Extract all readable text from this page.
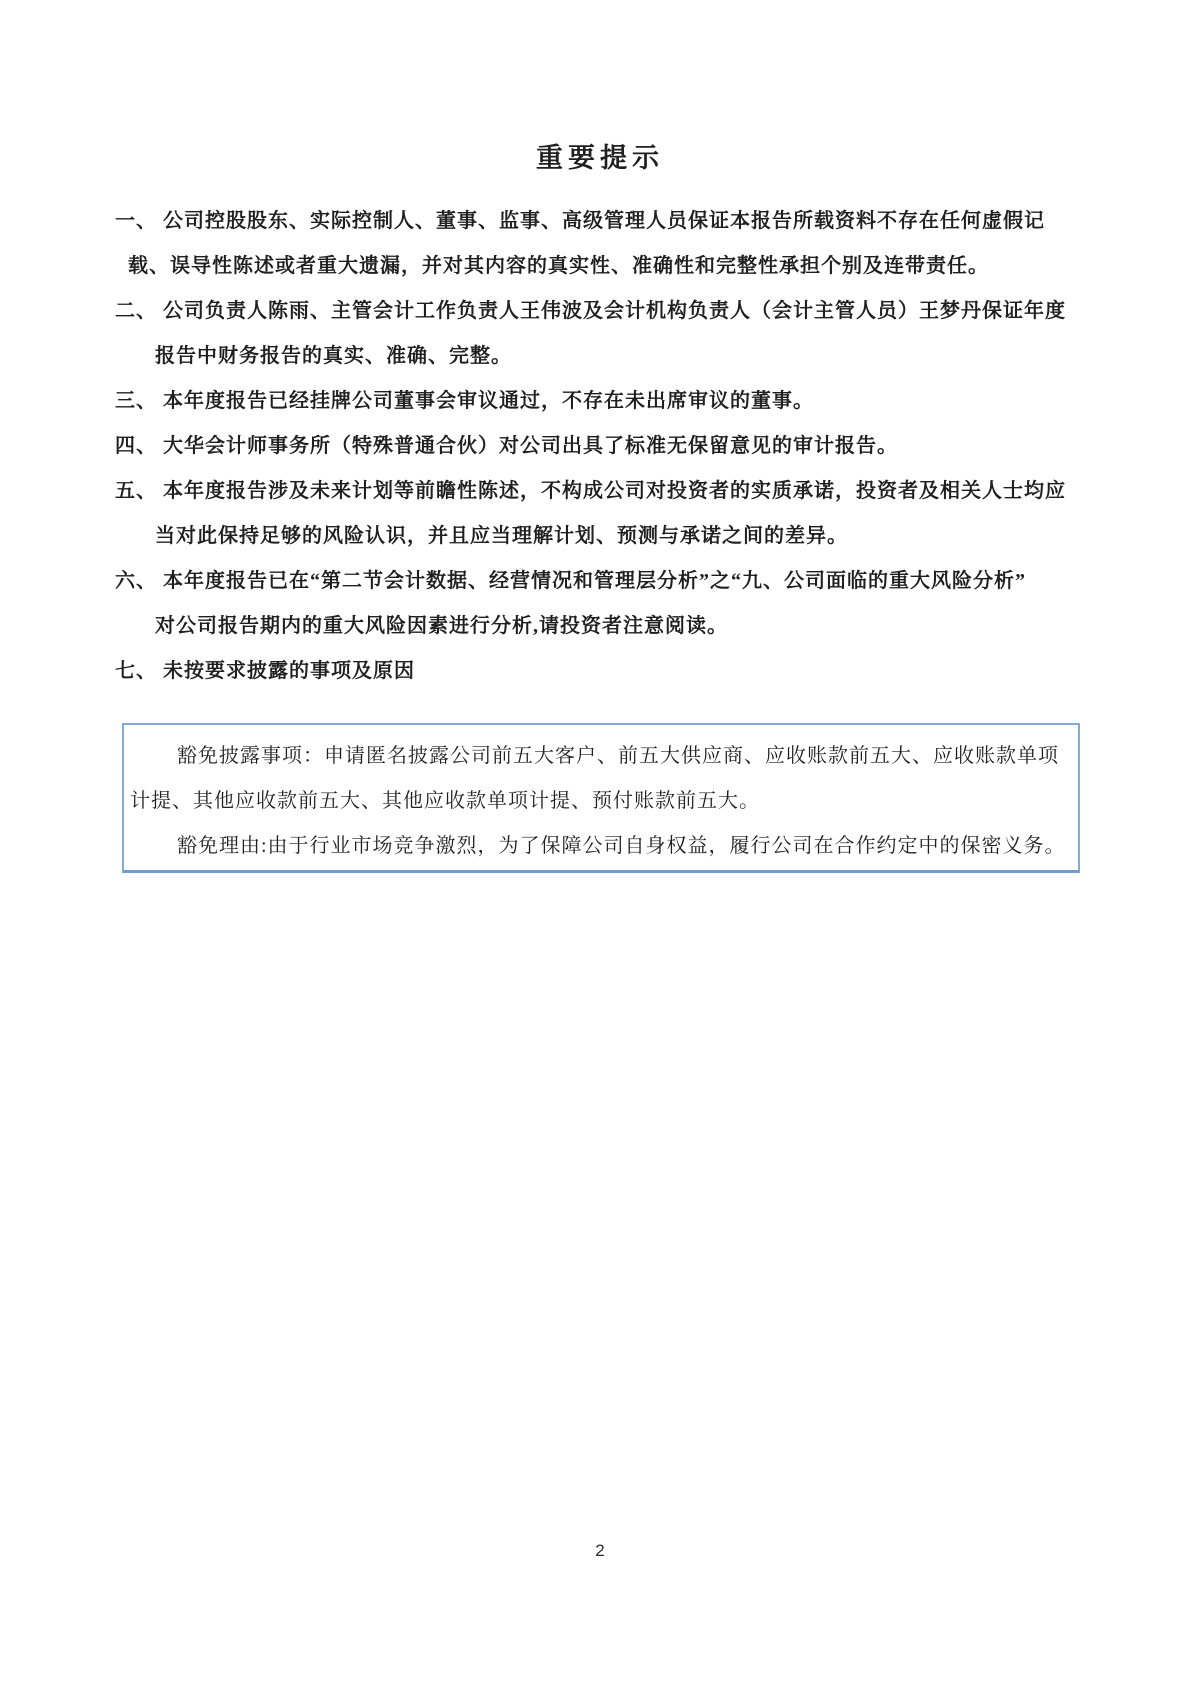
重要提示

一、 公司控股股东、实际控制人、董事、监事、高级管理人员保证本报告所载资料不存在任何虚假记

载、误导性陈述或者重大遗漏，并对其内容的真实性、准确性和完整性承担个别及连带责任。

二、 公司负责人陈雨、主管会计工作负责人王伟波及会计机构负责人（会计主管人员）王梦丹保证年度

报告中财务报告的真实、准确、完整。

三、 本年度报告已经挂牌公司董事会审议通过，不存在未出席审议的董事。

四、 大华会计师事务所（特殊普通合伙）对公司出具了标准无保留意见的审计报告。

五、 本年度报告涉及未来计划等前瞻性陈述，不构成公司对投资者的实质承诺，投资者及相关人士均应

当对此保持足够的风险认识，并且应当理解计划、预测与承诺之间的差异。

六、 本年度报告已在“第二节会计数据、经营情况和管理层分析”之“九、公司面临的重大风险分析”

对公司报告期内的重大风险因素进行分析,请投资者注意阅读。

七、 未按要求披露的事项及原因

豁免披露事项：申请匿名披露公司前五大客户、前五大供应商、应收账款前五大、应收账款单项

计提、其他应收款前五大、其他应收款单项计提、预付账款前五大。

豁免理由:由于行业市场竞争激烈，为了保障公司自身权益，履行公司在合作约定中的保密义务。

2
